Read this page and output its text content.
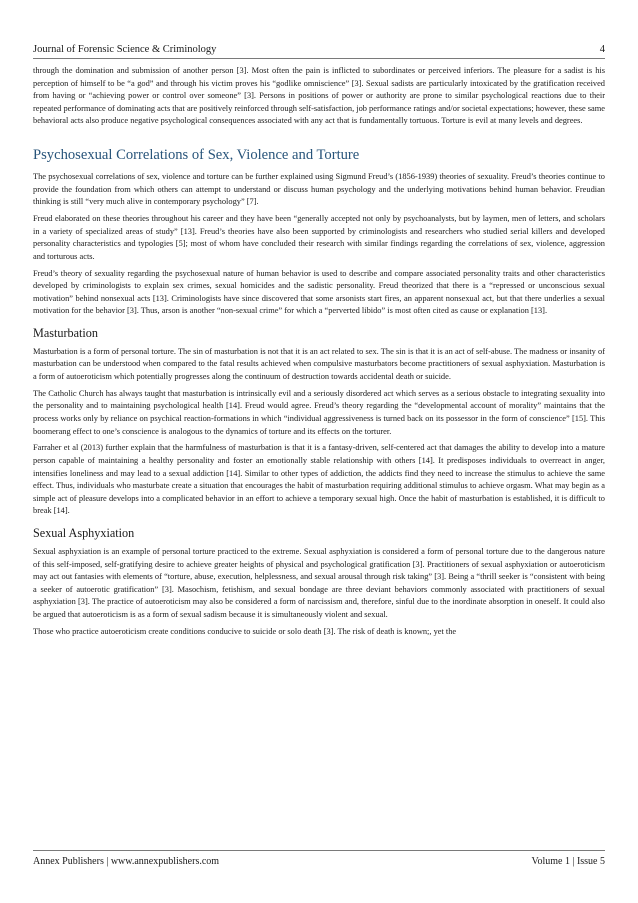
Journal of Forensic Science & Criminology	4

through the domination and submission of another person [3]. Most often the pain is inflicted to subordinates or perceived inferiors. The pleasure for a sadist is his perception of himself to be “a god” and through his victim proves his “godlike omniscience” [3]. Sexual sadists are particularly intoxicated by the gratification received from having or “achieving power or control over someone” [3]. Persons in positions of power or authority are prone to similar psychological reactions due to their repeated performance of dominating acts that are positively reinforced through self-satisfaction, job performance ratings and/or societal expectations; however, these same behavioral acts also produce negative psychological consequences associated with any act that is fundamentally tortuous. Torture is evil at many levels and degrees.

Psychosexual Correlations of Sex, Violence and Torture

The psychosexual correlations of sex, violence and torture can be further explained using Sigmund Freud’s (1856-1939) theories of sexuality. Freud’s theories continue to provide the foundation from which others can attempt to understand or discuss human psychology and the underlying motivations behind human behavior. Freudian thinking is still “very much alive in contemporary psychology” [7].

Freud elaborated on these theories throughout his career and they have been “generally accepted not only by psychoanalysts, but by laymen, men of letters, and scholars in a variety of specialized areas of study” [13]. Freud’s theories have also been supported by criminologists and researchers who studied serial killers and developed personality characteristics and typologies [5]; most of whom have concluded their research with similar findings regarding the correlations of sex, violence, aggression and torturous acts.

Freud’s theory of sexuality regarding the psychosexual nature of human behavior is used to describe and compare associated personality traits and other characteristics developed by criminologists to explain sex crimes, sexual homicides and the sadistic personality. Freud theorized that there is a “repressed or unconscious sexual motivation” behind nonsexual acts [13]. Criminologists have since discovered that some arsonists start fires, an apparent nonsexual act, but that there underlies a sexual motivation for the behavior [3]. Thus, arson is another “non-sexual crime” for which a “perverted libido” is most often cited as cause or explanation [13].

Masturbation

Masturbation is a form of personal torture. The sin of masturbation is not that it is an act related to sex. The sin is that it is an act of self-abuse. The madness or insanity of masturbation can be understood when compared to the fatal results achieved when compulsive masturbators become practitioners of sexual asphyxiation. Masturbation is a form of autoeroticism which potentially progresses along the continuum of destruction towards accidental death or suicide.

The Catholic Church has always taught that masturbation is intrinsically evil and a seriously disordered act which serves as a serious obstacle to integrating sexuality into the personality and to maintaining psychological health [14]. Freud would agree. Freud’s theory regarding the “developmental account of morality” maintains that the process works only by reliance on psychical reaction-formations in which “individual aggressiveness is turned back on its possessor in the form of conscience” [15]. This boomerang effect to one’s conscience is analogous to the dynamics of torture and its effects on the torturer.

Farraher et al (2013) further explain that the harmfulness of masturbation is that it is a fantasy-driven, self-centered act that damages the ability to develop into a mature person capable of maintaining a healthy personality and foster an emotionally stable relationship with others [14]. It predisposes individuals to overreact in anger, intensifies loneliness and may lead to a sexual addiction [14]. Similar to other types of addiction, the addicts find they need to increase the stimulus to achieve the same effect. Thus, individuals who masturbate create a situation that encourages the habit of masturbation requiring additional stimulus to achieve orgasm. What may begin as a simple act of pleasure develops into a complicated behavior in an effort to achieve a temporary sexual high. Once the habit of masturbation is established, it is difficult to break [14].

Sexual Asphyxiation

Sexual asphyxiation is an example of personal torture practiced to the extreme. Sexual asphyxiation is considered a form of personal torture due to the dangerous nature of this self-imposed, self-gratifying desire to achieve greater heights of physical and psychological gratification [3]. Practitioners of sexual asphyxiation or autoeroticism may act out fantasies with elements of “torture, abuse, execution, helplessness, and sexual arousal through risk taking” [3]. Being a “thrill seeker is “consistent with being a seeker of autoerotic gratification” [3]. Masochism, fetishism, and sexual bondage are three deviant behaviors commonly associated with practitioners of sexual asphyxiation [3]. The practice of autoeroticism may also be considered a form of narcissism and, therefore, sinful due to the inordinate absorption in oneself. It could also be argued that autoeroticism is as a form of sexual sadism because it is simultaneously violent and sexual.

Those who practice autoeroticism create conditions conducive to suicide or solo death [3]. The risk of death is known;, yet the

Annex Publishers | www.annexpublishers.com	Volume 1 | Issue 5
